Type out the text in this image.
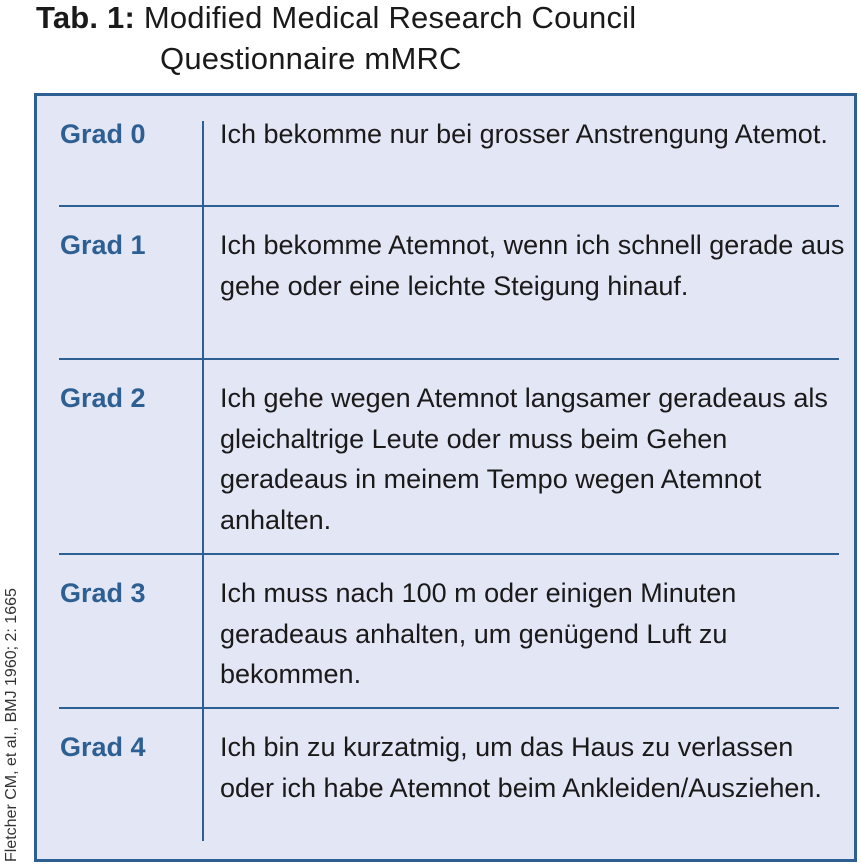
Tab. 1: Modified Medical Research Council
Questionnaire mMRC
Grad 0	Ich bekomme nur bei grosser Anstrengung Atemot.
Grad 1	Ich bekomme Atemnot, wenn ich schnell gerade aus gehe oder eine leichte Steigung hinauf.
Grad 2	Ich gehe wegen Atemnot langsamer geradeaus als gleichaltrige Leute oder muss beim Gehen geradeaus in meinem Tempo wegen Atemnot anhalten.
Grad 3	Ich muss nach 100 m oder einigen Minuten geradeaus anhalten, um genügend Luft zu bekommen.
Grad 4	Ich bin zu kurzatmig, um das Haus zu verlassen oder ich habe Atemnot beim Ankleiden/Ausziehen.
Fletcher CM, et al., BMJ 1960; 2: 1665
